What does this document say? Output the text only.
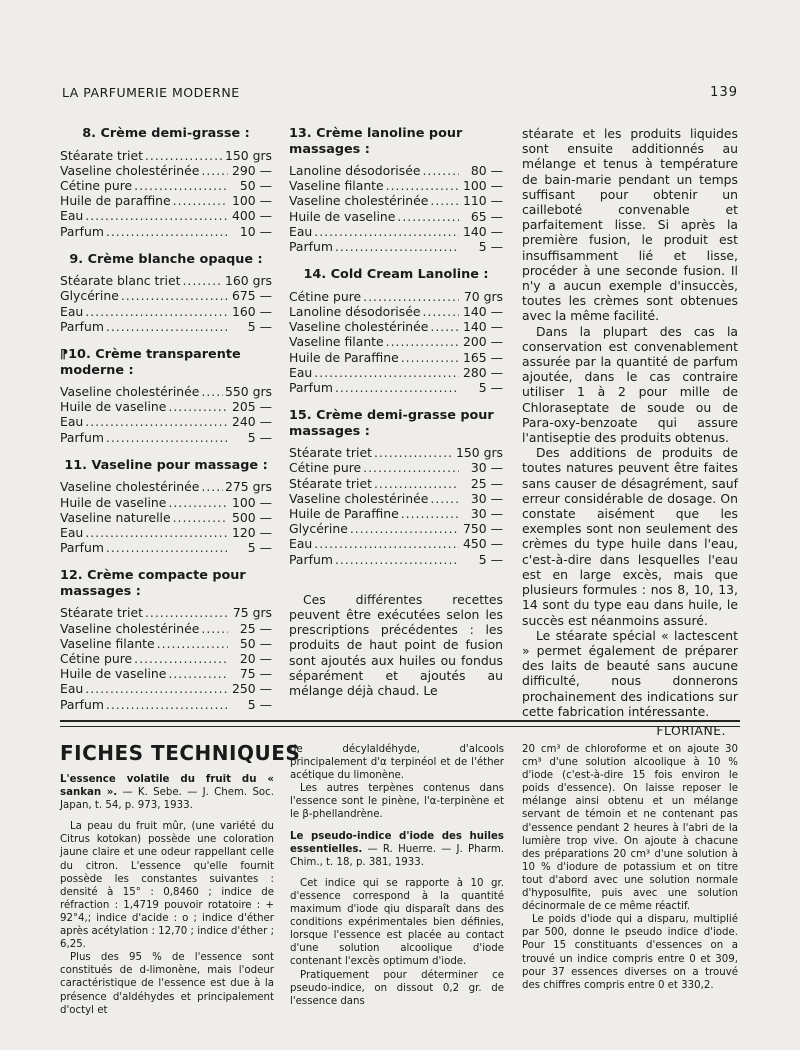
LA PARFUMERIE MODERNE	139
8. Crème demi-grasse :
Stéarate triet .....	150 grs
Vaseline cholestérinée .....	290 —
Cétine pure .....	50 —
Huile de paraffine .....	100 —
Eau .....	400 —
Parfum .....	10 —
9. Crème blanche opaque :
Stéarate blanc triet .....	160 grs
Glycérine .....	675 —
Eau .....	160 —
Parfum .....	5 —
⁋10. Crème transparente moderne :
Vaseline cholestérinée ..... 550 grs
Huile de vaseline .....	205 —
Eau .....	240 —
Parfum .....	5 —
11. Vaseline pour massage :
Vaseline cholestérinée ..... 275 grs
Huile de vaseline .....	100 —
Vaseline naturelle .....	500 —
Eau .....	120 —
Parfum .....	5 —
12. Crème compacte pour massages :
Stéarate triet .....	75 grs
Vaseline cholestérinée .....	25 —
Vaseline filante .....	50 —
Cétine pure .....	20 —
Huile de vaseline .....	75 —
Eau .....	250 —
Parfum .....	5 —
13. Crème lanoline pour massages :
Lanoline désodorisée .....	80 —
Vaseline filante .....	100 —
Vaseline cholestérinée .....	110 —
Huile de vaseline .....	65 —
Eau .....	140 —
Parfum .....	5 —
14. Cold Cream Lanoline :
Cétine pure .....	70 grs
Lanoline désodorisée .....	140 —
Vaseline cholestérinée .....	140 —
Vaseline filante .....	200 —
Huile de Paraffine .....	165 —
Eau .....	280 —
Parfum .....	5 —
15. Crème demi-grasse pour massages :
Stéarate triet .....	150 grs
Cétine pure .....	30 —
Stéarate triet .....	25 —
Vaseline cholestérinée .....	30 —
Huile de Paraffine .....	30 —
Glycérine .....	750 —
Eau .....	450 —
Parfum .....	5 —

Ces différentes recettes peuvent être exécutées selon les prescriptions précédentes : les produits de haut point de fusion sont ajoutés aux huiles ou fondus séparément et ajoutés au mélange déjà chaud. Le

stéarate et les produits liquides sont ensuite additionnés au mélange et tenus à température de bain-marie pendant un temps suffisant pour obtenir un cailleboté convenable et parfaitement lisse. Si après la première fusion, le produit est insuffisamment lié et lisse, procéder à une seconde fusion. Il n'y a aucun exemple d'insuccès, toutes les crèmes sont obtenues avec la même facilité.

Dans la plupart des cas la conservation est convenablement assurée par la quantité de parfum ajoutée, dans le cas contraire utiliser 1 à 2 pour mille de Chloraseptate de soude ou de Para-oxy-benzoate qui assure l'antiseptie des produits obtenus.

Des additions de produits de toutes natures peuvent être faites sans causer de désagrément, sauf erreur considérable de dosage. On constate aisément que les exemples sont non seulement des crèmes du type huile dans l'eau, c'est-à-dire dans lesquelles l'eau est en large excès, mais que plusieurs formules : nos 8, 10, 13, 14 sont du type eau dans huile, le succès est néanmoins assuré.

Le stéarate spécial « lactescent » permet également de préparer des laits de beauté sans aucune difficulté, nous donnerons prochainement des indications sur cette fabrication intéressante.

FLORIANE.
FICHES TECHNIQUES

L'essence volatile du fruit du « sankan ». — K. Sebe. — J. Chem. Soc. Japan, t. 54, p. 973, 1933.

La peau du fruit mûr, (une variété du Citrus kotokan) possède une coloration jaune claire et une odeur rappellant celle du citron. L'essence qu'elle fournit possède les constantes suivantes : densité à 15° : 0,8460 ; indice de réfraction : 1,4719 pouvoir rotatoire : + 92°4,; indice d'acide : o ; indice d'éther après acétylation : 12,70 ; indice d'éther ; 6,25.

Plus des 95 % de l'essence sont constitués de d-limonène, mais l'odeur caractéristique de l'essence est due à la présence d'aldéhydes et principalement d'octyl et

de décylaldéhyde, d'alcools principalement d'α terpinéol et de l'éther acétique du limonène.

Les autres terpènes contenus dans l'essence sont le pinène, l'α-terpinène et le β-phellandrène.

Le pseudo-indice d'iode des huiles essentielles. — R. Huerre. — J. Pharm. Chim., t. 18, p. 381, 1933.

Cet indice qui se rapporte à 10 gr. d'essence correspond à la quantité maximum d'iode qiu disparaît dans des conditions expérimentales bien définies, lorsque l'essence est placée au contact d'une solution alcoolique d'iode contenant l'excès optimum d'iode.

Pratiquement pour déterminer ce pseudo-indice, on dissout 0,2 gr. de l'essence dans

20 cm³ de chloroforme et on ajoute 30 cm³ d'une solution alcoolique à 10 % d'iode (c'est-à-dire 15 fois environ le poids d'essence). On laisse reposer le mélange ainsi obtenu et un mélange servant de témoin et ne contenant pas d'essence pendant 2 heures à l'abri de la lumière trop vive. On ajoute à chacune des préparations 20 cm³ d'une solution à 10 % d'iodure de potassium et on titre tout d'abord avec une solution normale d'hyposulfite, puis avec une solution décinormale de ce même réactif.

Le poids d'iode qui a disparu, multiplié par 500, donne le pseudo indice d'iode. Pour 15 constituants d'essences on a trouvé un indice compris entre 0 et 309, pour 37 essences diverses on a trouvé des chiffres compris entre 0 et 330,2.
